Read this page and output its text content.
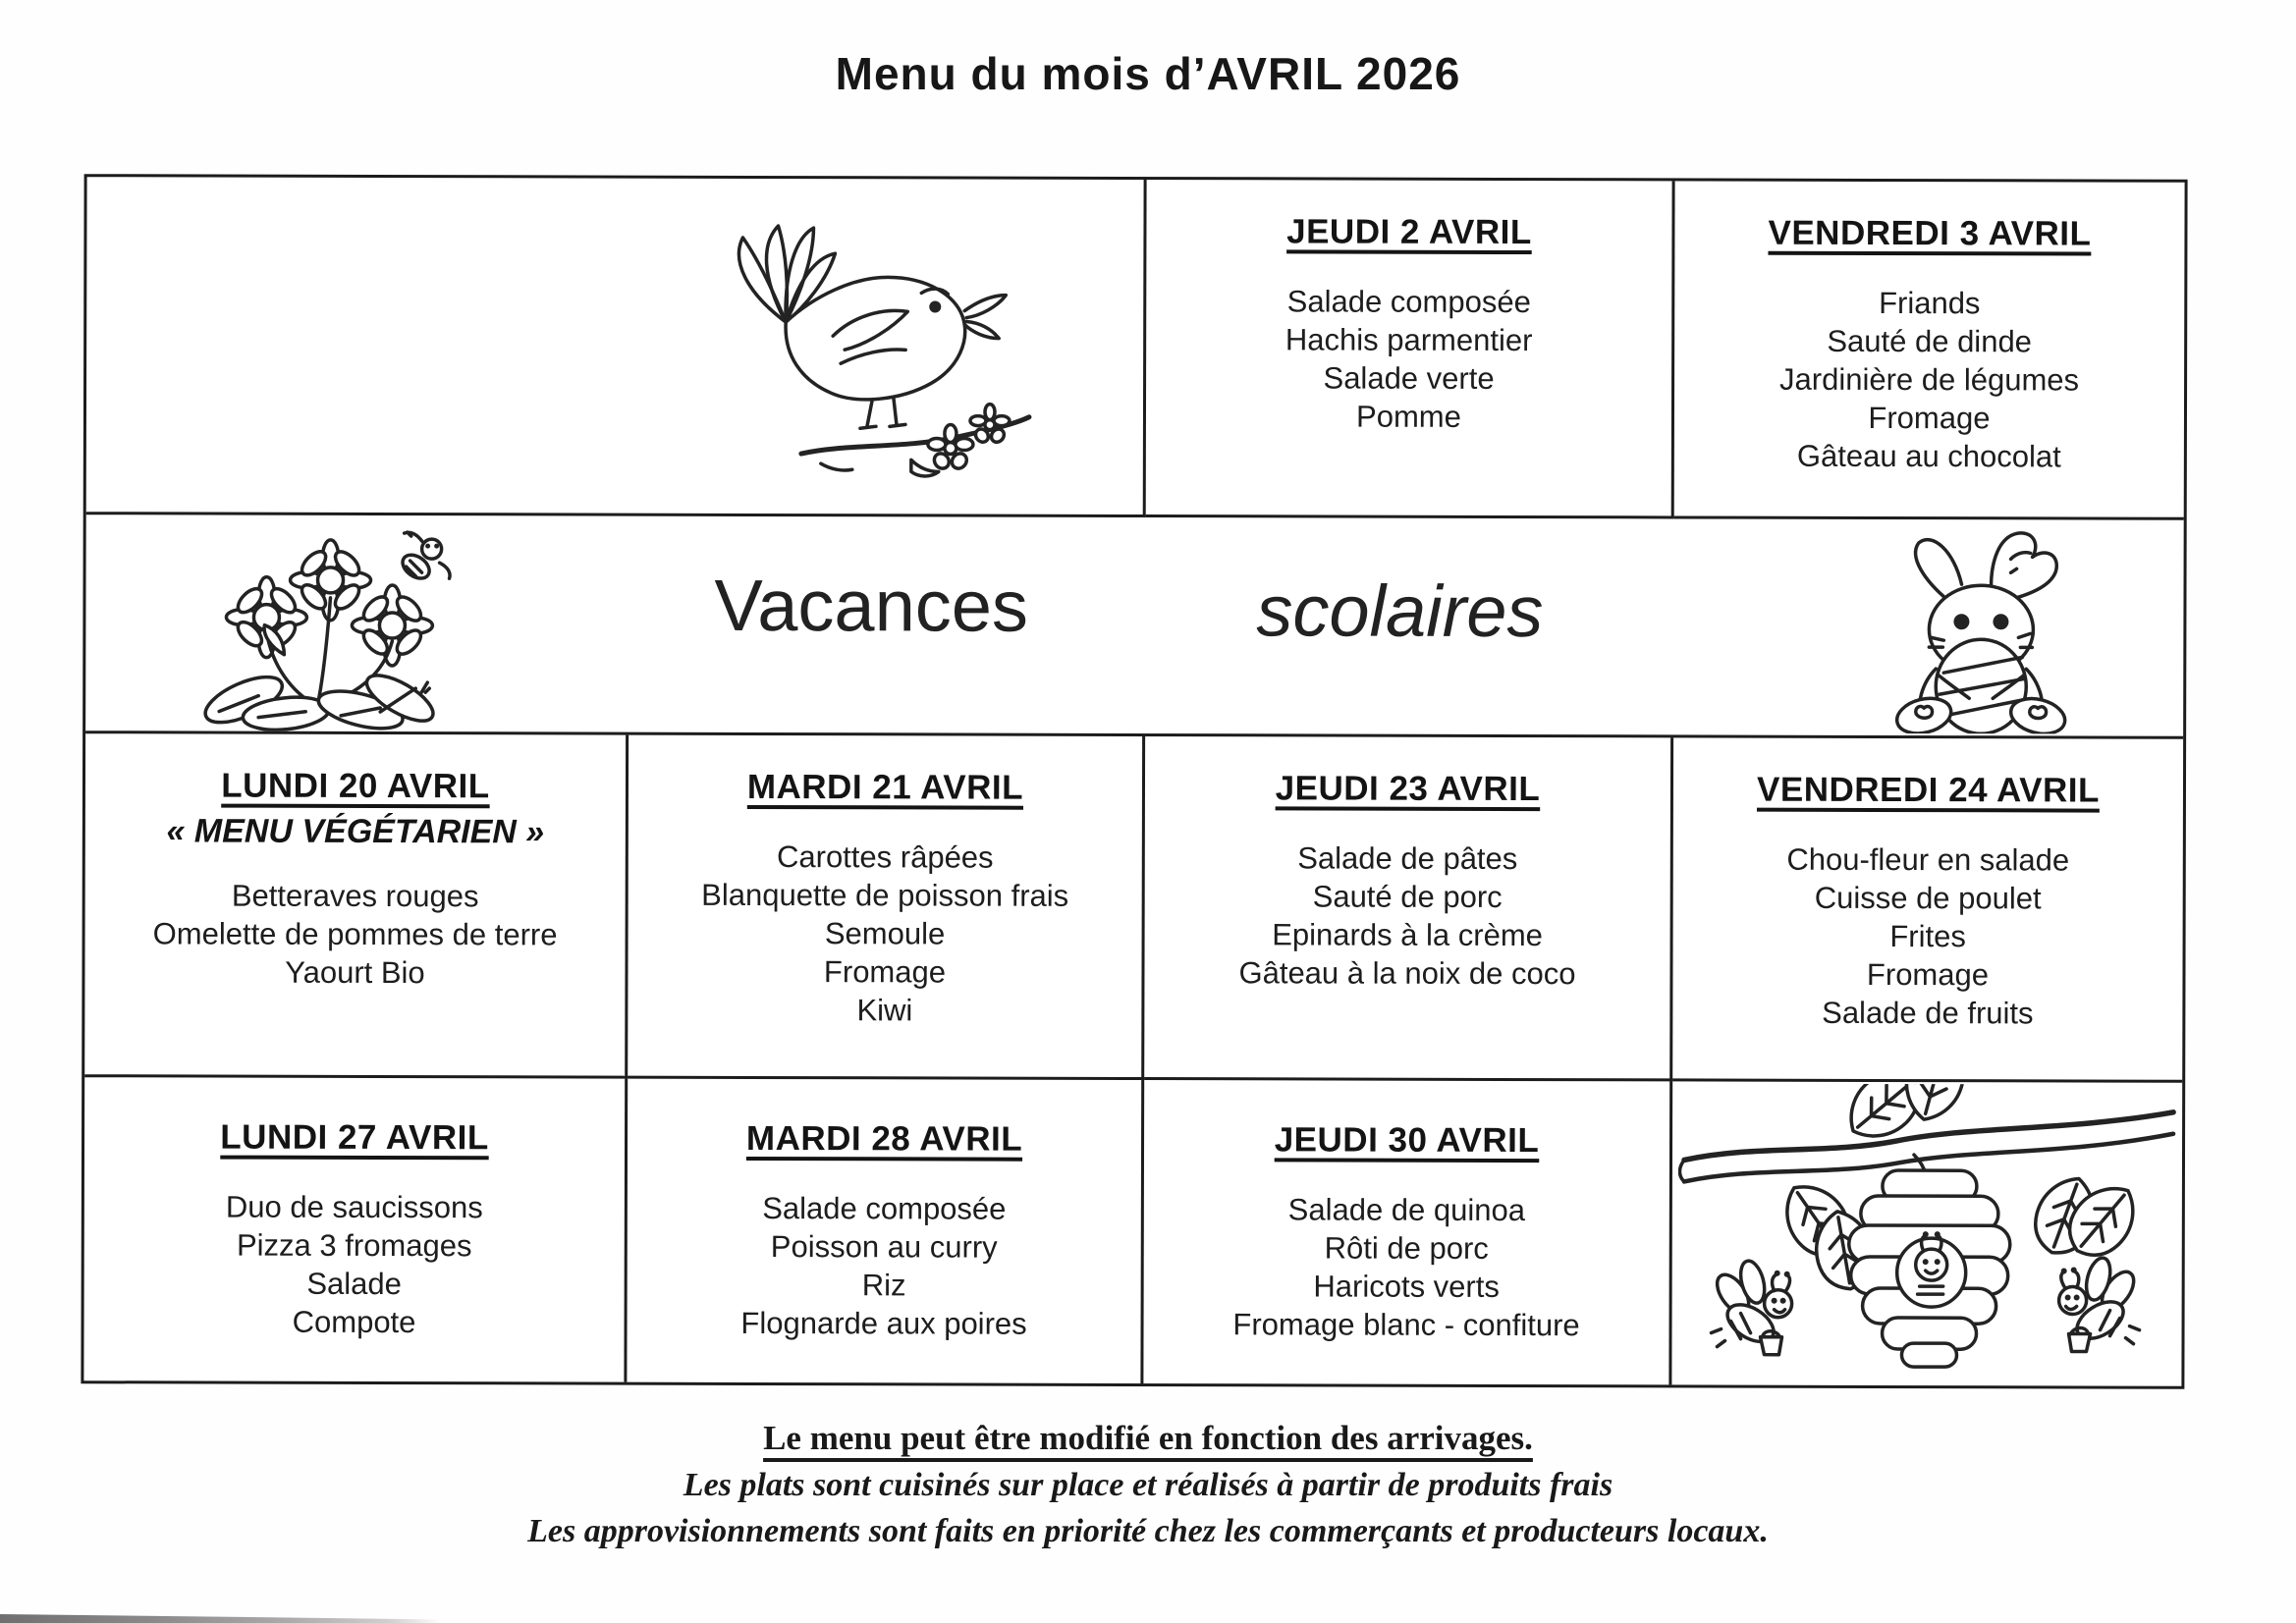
Menu du mois d’AVRIL 2026
JEUDI 2 AVRIL
Salade composée
Hachis parmentier
Salade verte
Pomme
VENDREDI 3 AVRIL
Friands
Sauté de dinde
Jardinière de légumes
Fromage
Gâteau au chocolat
Vacances	scolaires
LUNDI 20 AVRIL
« MENU VÉGÉTARIEN »
Betteraves rouges
Omelette de pommes de terre
Yaourt Bio
MARDI 21 AVRIL
Carottes râpées
Blanquette de poisson frais
Semoule
Fromage
Kiwi
JEUDI 23 AVRIL
Salade de pâtes
Sauté de porc
Epinards à la crème
Gâteau à la noix de coco
VENDREDI 24 AVRIL
Chou-fleur en salade
Cuisse de poulet
Frites
Fromage
Salade de fruits
LUNDI 27 AVRIL
Duo de saucissons
Pizza 3 fromages
Salade
Compote
MARDI 28 AVRIL
Salade composée
Poisson au curry
Riz
Flognarde aux poires
JEUDI 30 AVRIL
Salade de quinoa
Rôti de porc
Haricots verts
Fromage blanc - confiture
Le menu peut être modifié en fonction des arrivages.
Les plats sont cuisinés sur place et réalisés à partir de produits frais
Les approvisionnements sont faits en priorité chez les commerçants et producteurs locaux.
